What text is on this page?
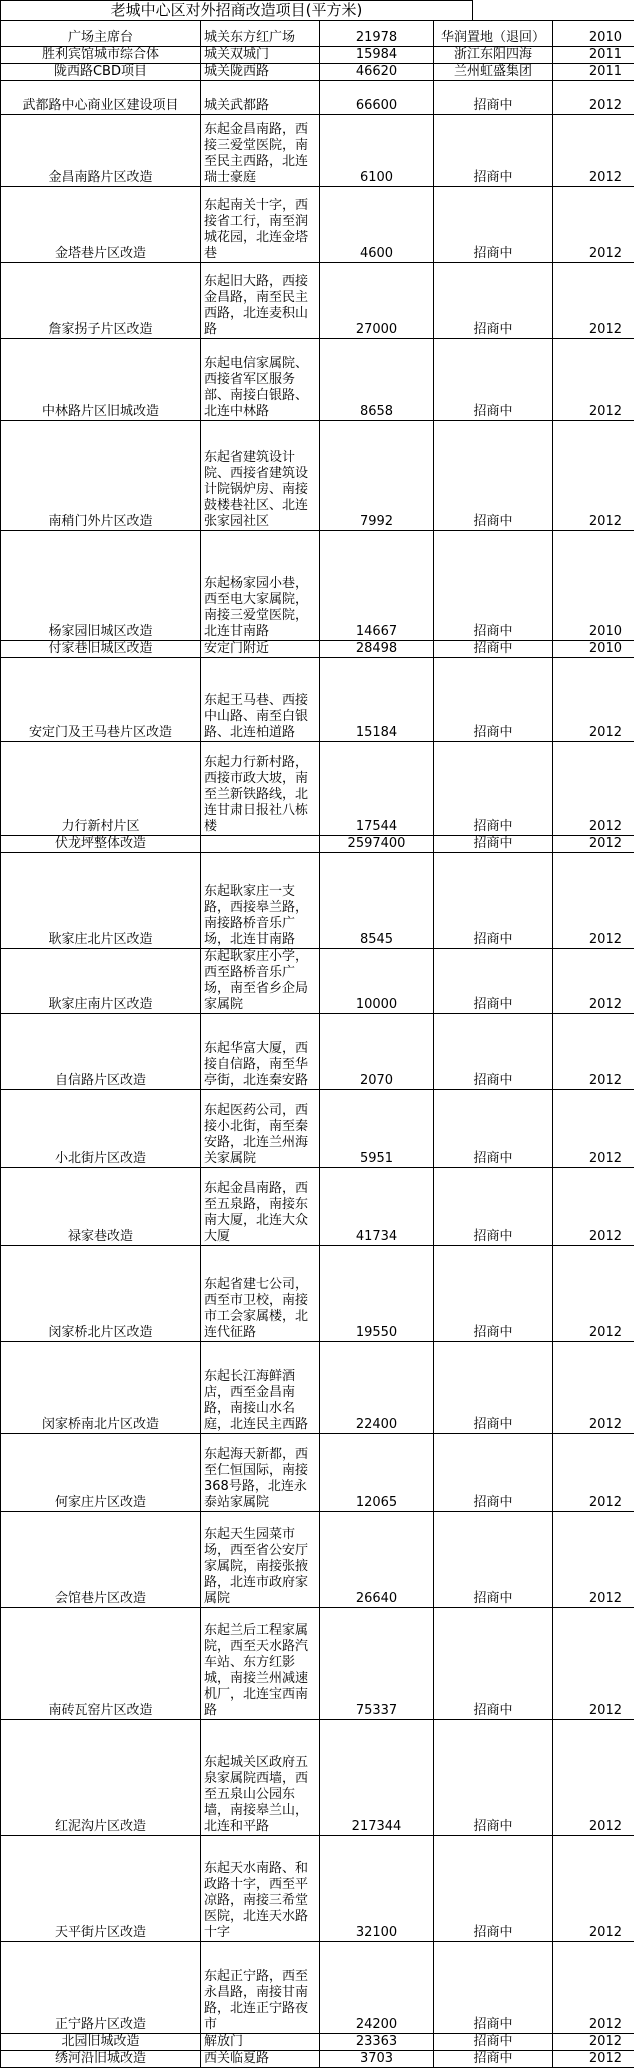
老城中心区对外招商改造项目(平方米)
广场主席台	城关东方红广场	21978	华润置地（退回）	2010
胜利宾馆城市综合体	城关双城门	15984	浙江东阳四海	2011
陇西路CBD项目	城关陇西路	46620	兰州虹盛集团	2011
武都路中心商业区建设项目	城关武都路	66600	招商中	2012
金昌南路片区改造	东起金昌南路，西接三爱堂医院，南至民主西路，北连瑞士豪庭	6100	招商中	2012
金塔巷片区改造	东起南关十字，西接省工行，南至润城花园，北连金塔巷	4600	招商中	2012
詹家拐子片区改造	东起旧大路，西接金昌路，南至民主西路，北连麦积山路	27000	招商中	2012
中林路片区旧城改造	东起电信家属院、西接省军区服务部、南接白银路、北连中林路	8658	招商中	2012
南稍门外片区改造	东起省建筑设计院、西接省建筑设计院锅炉房、南接鼓楼巷社区、北连张家园社区	7992	招商中	2012
杨家园旧城区改造	东起杨家园小巷，西至电大家属院，南接三爱堂医院，北连甘南路	14667	招商中	2010
付家巷旧城区改造	安定门附近	28498	招商中	2010
安定门及王马巷片区改造	东起王马巷、西接中山路、南至白银路、北连柏道路	15184	招商中	2012
力行新村片区	东起力行新村路，西接市政大坡，南至兰新铁路线，北连甘肃日报社八栋楼	17544	招商中	2012
伏龙坪整体改造		2597400	招商中	2012
耿家庄北片区改造	东起耿家庄一支路，西接皋兰路，南接路桥音乐广场，北连甘南路	8545	招商中	2012
耿家庄南片区改造	东起耿家庄小学，西至路桥音乐广场，南至省乡企局家属院	10000	招商中	2012
自信路片区改造	东起华富大厦，西接自信路，南至华亭街，北连秦安路	2070	招商中	2012
小北街片区改造	东起医药公司，西接小北街，南至秦安路，北连兰州海关家属院	5951	招商中	2012
禄家巷改造	东起金昌南路，西至五泉路，南接东南大厦，北连大众大厦	41734	招商中	2012
闵家桥北片区改造	东起省建七公司，西至市卫校，南接市工会家属楼，北连代征路	19550	招商中	2012
闵家桥南北片区改造	东起长江海鲜酒店，西至金昌南路，南接山水名庭，北连民主西路	22400	招商中	2012
何家庄片区改造	东起海天新都，西至仁恒国际，南接368号路，北连永泰站家属院	12065	招商中	2012
会馆巷片区改造	东起天生园菜市场，西至省公安厅家属院，南接张掖路，北连市政府家属院	26640	招商中	2012
南砖瓦窑片区改造	东起兰后工程家属院，西至天水路汽车站、东方红影城，南接兰州减速机厂，北连宝西南路	75337	招商中	2012
红泥沟片区改造	东起城关区政府五泉家属院西墙，西至五泉山公园东墙，南接皋兰山，北连和平路	217344	招商中	2012
天平街片区改造	东起天水南路、和政路十字，西至平凉路，南接三希堂医院，北连天水路十字	32100	招商中	2012
正宁路片区改造	东起正宁路，西至永昌路，南接甘南路，北连正宁路夜市	24200	招商中	2012
北园旧城改造	解放门	23363	招商中	2012
绣河沿旧城改造	西关临夏路	3703	招商中	2012
